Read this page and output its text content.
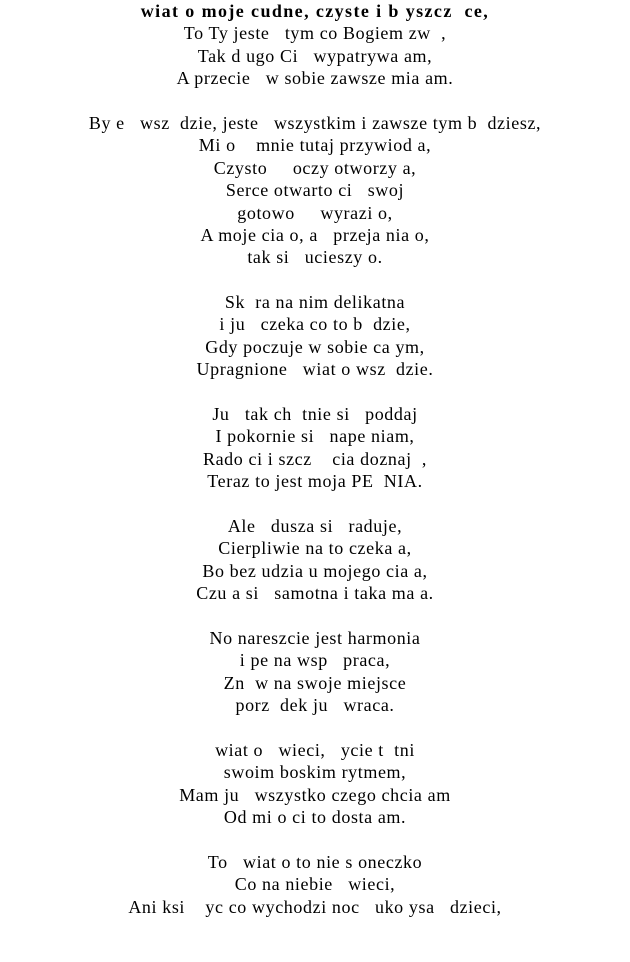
wiat o moje cudne, czyste i b yszcz  ce,
To Ty jeste   tym co Bogiem zw  ,
Tak d ugo Ci   wypatrywa am,
A przecie   w sobie zawsze mia am.
By e   wsz  dzie, jeste   wszystkim i zawsze tym b  dziesz,
Mi o    mnie tutaj przywiod a,
Czysto     oczy otworzy a,
Serce otwarto ci   swoj
gotowo     wyrazi o,
A moje cia o, a   przeja nia o,
tak si   ucieszy o.
Sk  ra na nim delikatna
i ju   czeka co to b  dzie,
Gdy poczuje w sobie ca ym,
Upragnione   wiat o wsz  dzie.
Ju   tak ch  tnie si   poddaj
I pokornie si   nape niam,
Rado ci i szcz    cia doznaj  ,
Teraz to jest moja PE  NIA.
Ale   dusza si   raduje,
Cierpliwie na to czeka a,
Bo bez udzia u mojego cia a,
Czu a si   samotna i taka ma a.
No nareszcie jest harmonia
i pe na wsp   praca,
Zn  w na swoje miejsce
porz  dek ju   wraca.
wiat o   wieci,   ycie t  tni
swoim boskim rytmem,
Mam ju   wszystko czego chcia am
Od mi o ci to dosta am.
To   wiat o to nie s oneczko
Co na niebie   wieci,
Ani ksi    yc co wychodzi noc   uko ysa   dzieci,
